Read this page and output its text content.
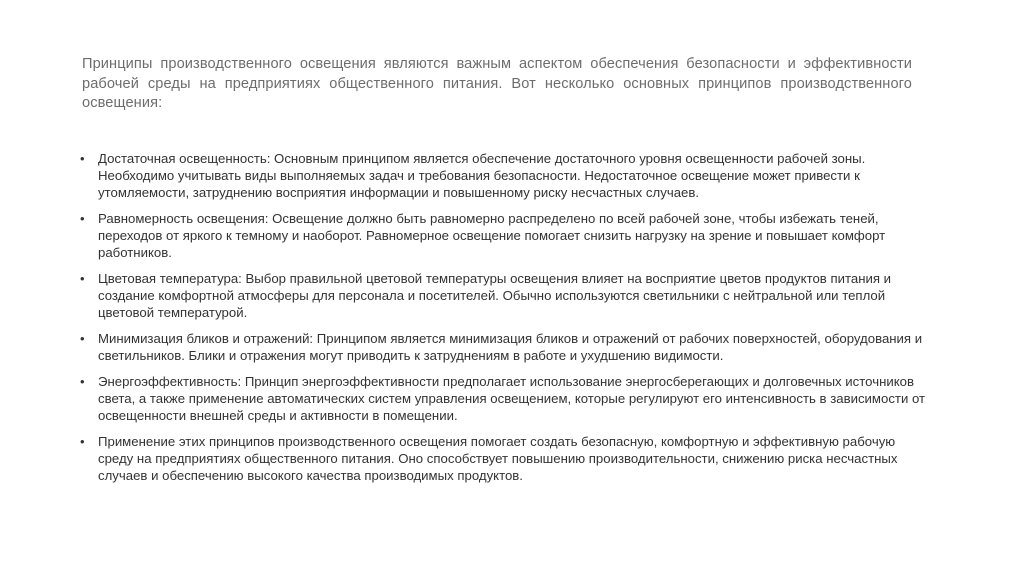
Принципы производственного освещения являются важным аспектом обеспечения безопасности и эффективности рабочей среды на предприятиях общественного питания. Вот несколько основных принципов производственного освещения:
• Достаточная освещенность: Основным принципом является обеспечение достаточного уровня освещенности рабочей зоны. Необходимо учитывать виды выполняемых задач и требования безопасности. Недостаточное освещение может привести к утомляемости, затруднению восприятия информации и повышенному риску несчастных случаев.
• Равномерность освещения: Освещение должно быть равномерно распределено по всей рабочей зоне, чтобы избежать теней, переходов от яркого к темному и наоборот. Равномерное освещение помогает снизить нагрузку на зрение и повышает комфорт работников.
• Цветовая температура: Выбор правильной цветовой температуры освещения влияет на восприятие цветов продуктов питания и создание комфортной атмосферы для персонала и посетителей. Обычно используются светильники с нейтральной или теплой цветовой температурой.
• Минимизация бликов и отражений: Принципом является минимизация бликов и отражений от рабочих поверхностей, оборудования и светильников. Блики и отражения могут приводить к затруднениям в работе и ухудшению видимости.
• Энергоэффективность: Принцип энергоэффективности предполагает использование энергосберегающих и долговечных источников света, а также применение автоматических систем управления освещением, которые регулируют его интенсивность в зависимости от освещенности внешней среды и активности в помещении.
• Применение этих принципов производственного освещения помогает создать безопасную, комфортную и эффективную рабочую среду на предприятиях общественного питания. Оно способствует повышению производительности, снижению риска несчастных случаев и обеспечению высокого качества производимых продуктов.
